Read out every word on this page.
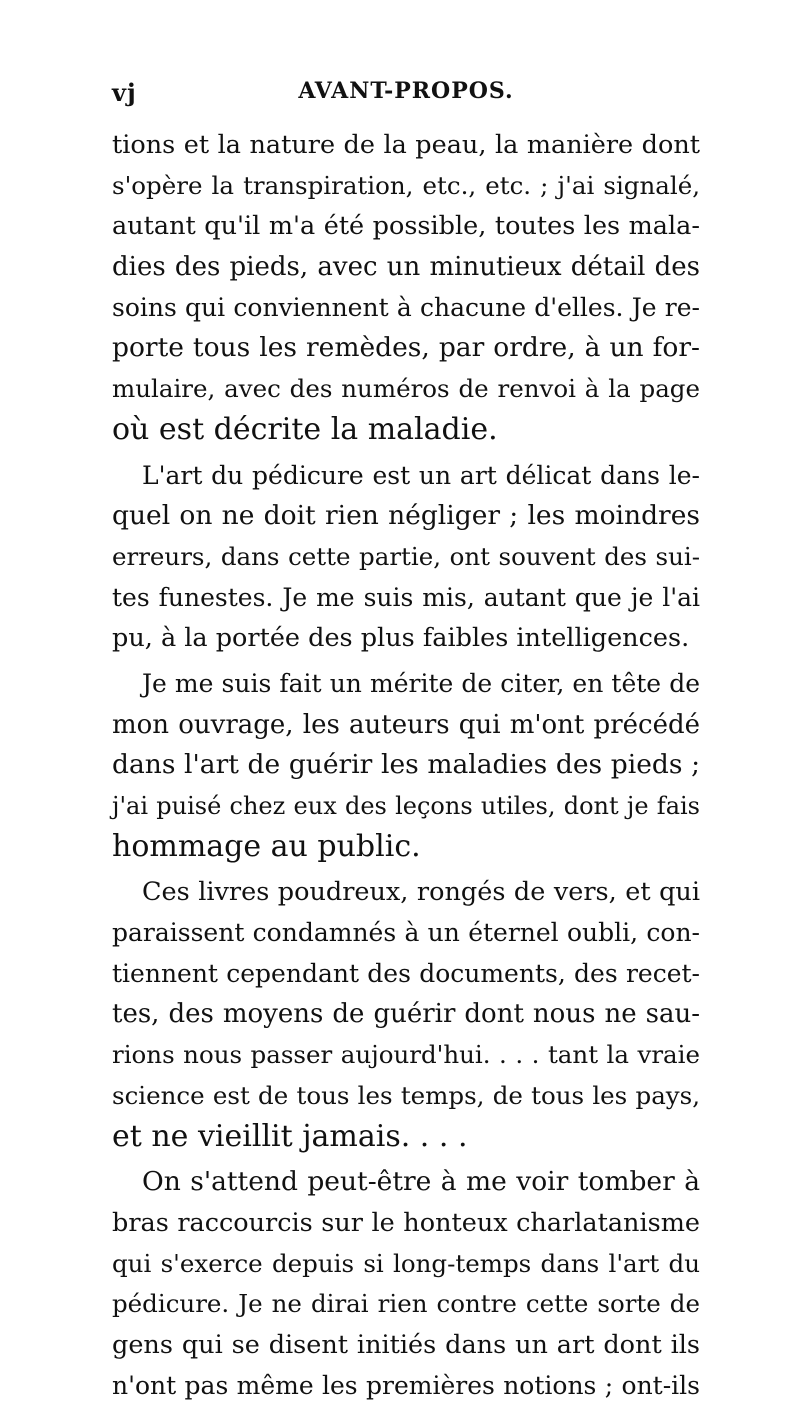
AVANT-PROPOS.
vj
tions et la nature de la peau, la manière dont
s'opère la transpiration, etc., etc. ; j'ai signalé,
autant qu'il m'a été possible, toutes les mala-
dies des pieds, avec un minutieux détail des
soins qui conviennent à chacune d'elles. Je re-
porte tous les remèdes, par ordre, à un for-
mulaire, avec des numéros de renvoi à la page
où est décrite la maladie.
L'art du pédicure est un art délicat dans le-
quel on ne doit rien négliger ; les moindres
erreurs, dans cette partie, ont souvent des sui-
tes funestes. Je me suis mis, autant que je l'ai
pu, à la portée des plus faibles intelligences.
Je me suis fait un mérite de citer, en tête de
mon ouvrage, les auteurs qui m'ont précédé
dans l'art de guérir les maladies des pieds ;
j'ai puisé chez eux des leçons utiles, dont je fais
hommage au public.
Ces livres poudreux, rongés de vers, et qui
paraissent condamnés à un éternel oubli, con-
tiennent cependant des documents, des recet-
tes, des moyens de guérir dont nous ne sau-
rions nous passer aujourd'hui. . . . tant la vraie
science est de tous les temps, de tous les pays,
et ne vieillit jamais. . . .
On s'attend peut-être à me voir tomber à
bras raccourcis sur le honteux charlatanisme
qui s'exerce depuis si long-temps dans l'art du
pédicure. Je ne dirai rien contre cette sorte de
gens qui se disent initiés dans un art dont ils
n'ont pas même les premières notions ; ont-ils
